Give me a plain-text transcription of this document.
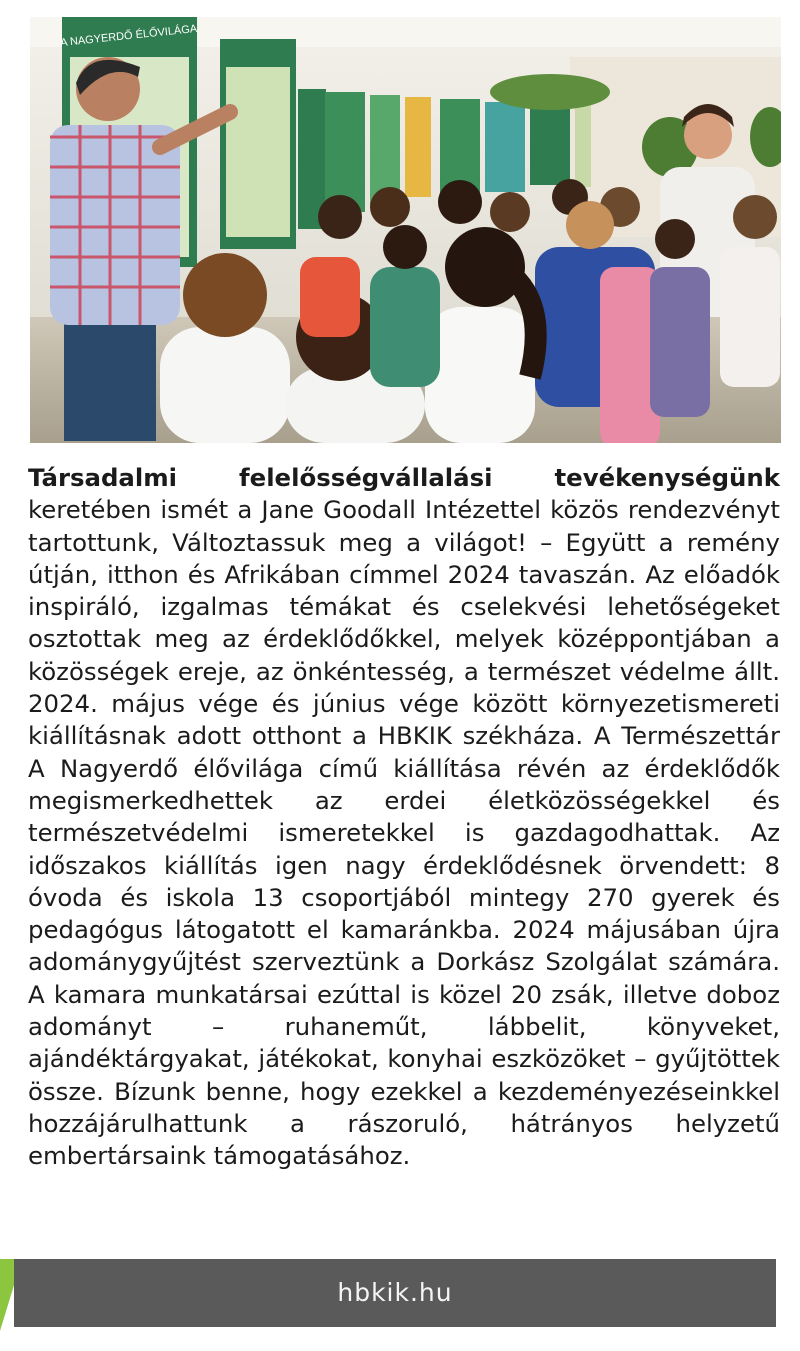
A NAGYERDŐ ÉLŐVILÁGA

Társadalmi felelősségvállalási tevékenységünk keretében ismét a Jane Goodall Intézettel közös rendezvényt tartottunk, Változtassuk meg a világot! – Együtt a remény útján, itthon és Afrikában címmel 2024 tavaszán. Az előadók inspiráló, izgalmas témákat és cselekvési lehetőségeket osztottak meg az érdeklődőkkel, melyek középpontjában a közösségek ereje, az önkéntesség, a természet védelme állt. 2024. május vége és június vége között környezetismereti kiállításnak adott otthont a HBKIK székháza. A Természettár A Nagyerdő élővilága című kiállítása révén az érdeklődők megismerkedhettek az erdei életközösségekkel és természetvédelmi ismeretekkel is gazdagodhattak. Az időszakos kiállítás igen nagy érdeklődésnek örvendett: 8 óvoda és iskola 13 csoportjából mintegy 270 gyerek és pedagógus látogatott el kamaránkba. 2024 májusában újra adománygyűjtést szerveztünk a Dorkász Szolgálat számára. A kamara munkatársai ezúttal is közel 20 zsák, illetve doboz adományt – ruhaneműt, lábbelit, könyveket, ajándéktárgyakat, játékokat, konyhai eszközöket – gyűjtöttek össze. Bízunk benne, hogy ezekkel a kezdeményezéseinkkel hozzájárulhattunk a rászoruló, hátrányos helyzetű embertársaink támogatásához.

hbkik.hu
